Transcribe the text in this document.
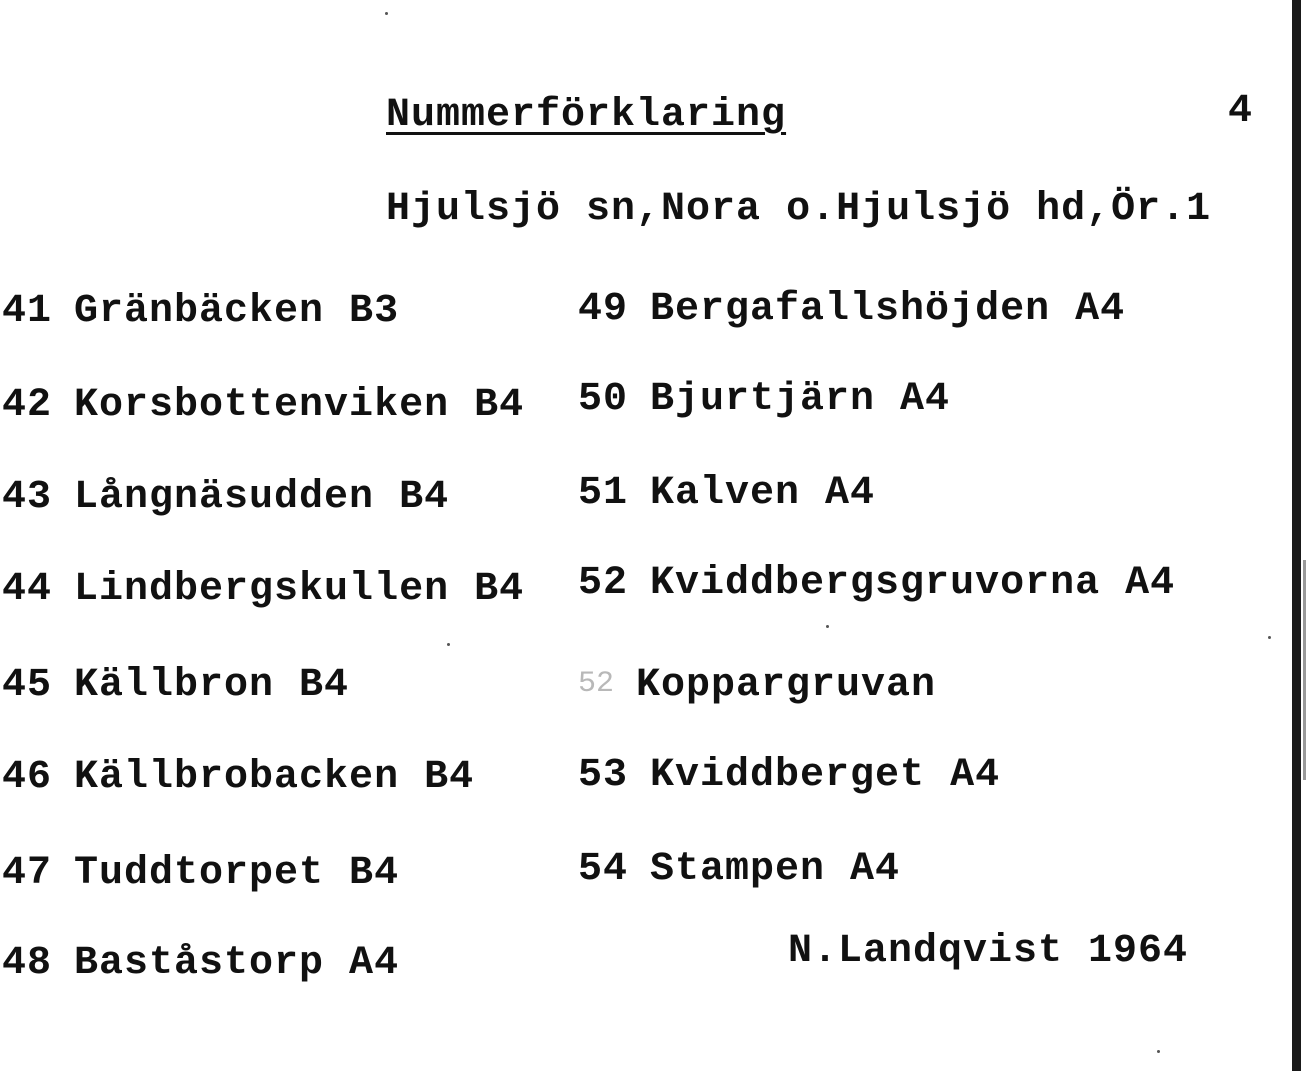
Nummerförklaring	4
Hjulsjö sn,Nora o.Hjulsjö hd,Ör.1
41 Gränbäcken B3
42 Korsbottenviken B4
43 Långnäsudden B4
44 Lindbergskullen B4
45 Källbron B4
46 Källbrobacken B4
47 Tuddtorpet B4
48 Baståstorp A4
49 Bergafallshöjden A4
50 Bjurtjärn A4
51 Kalven A4
52 Kviddbergsgruvorna A4
52 Koppargruvan
53 Kviddberget A4
54 Stampen A4
N.Landqvist 1964
